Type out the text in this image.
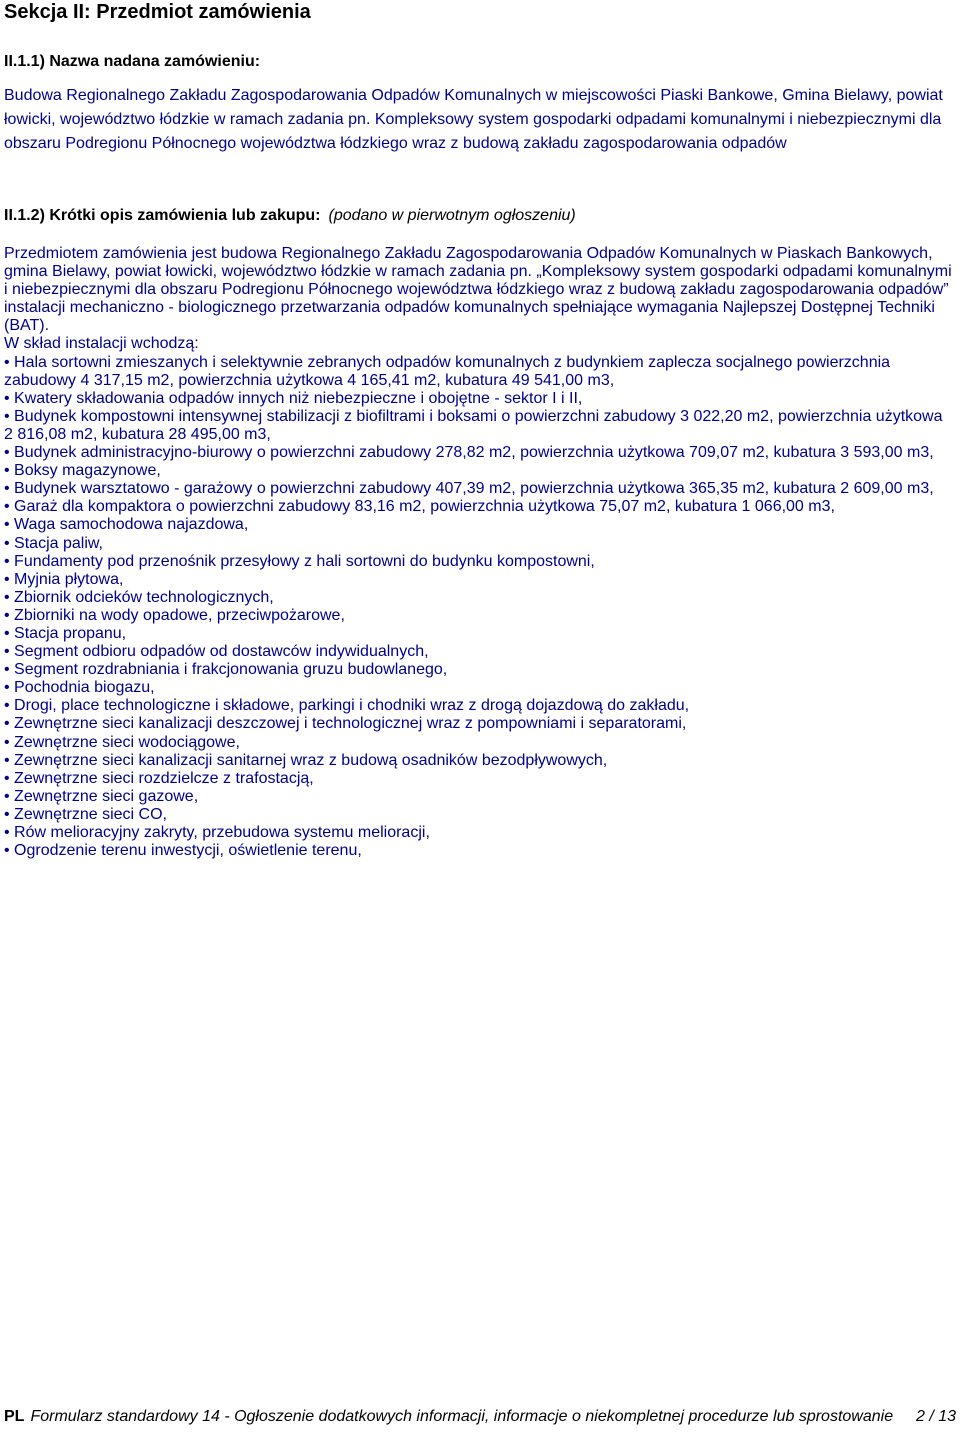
Sekcja II: Przedmiot zamówienia
II.1.1) Nazwa nadana zamówieniu:

Budowa Regionalnego Zakładu Zagospodarowania Odpadów Komunalnych w miejscowości Piaski Bankowe, Gmina Bielawy, powiat łowicki, województwo łódzkie w ramach zadania pn. Kompleksowy system gospodarki odpadami komunalnymi i niebezpiecznymi dla obszaru Podregionu Północnego województwa łódzkiego wraz z budową zakładu zagospodarowania odpadów

II.1.2) Krótki opis zamówienia lub zakupu: (podano w pierwotnym ogłoszeniu)
Przedmiotem zamówienia jest budowa Regionalnego Zakładu Zagospodarowania Odpadów Komunalnych w Piaskach Bankowych, gmina Bielawy, powiat łowicki, województwo łódzkie w ramach zadania pn. „Kompleksowy system gospodarki odpadami komunalnymi i niebezpiecznymi dla obszaru Podregionu Północnego województwa łódzkiego wraz z budową zakładu zagospodarowania odpadów” instalacji mechaniczno - biologicznego przetwarzania odpadów komunalnych spełniające wymagania Najlepszej Dostępnej Techniki (BAT).
W skład instalacji wchodzą:
• Hala sortowni zmieszanych i selektywnie zebranych odpadów komunalnych z budynkiem zaplecza socjalnego powierzchnia zabudowy 4 317,15 m2, powierzchnia użytkowa 4 165,41 m2, kubatura 49 541,00 m3,
• Kwatery składowania odpadów innych niż niebezpieczne i obojętne - sektor I i II,
• Budynek kompostowni intensywnej stabilizacji z biofiltrami i boksami o powierzchni zabudowy 3 022,20 m2, powierzchnia użytkowa 2 816,08 m2, kubatura 28 495,00 m3,
• Budynek administracyjno-biurowy o powierzchni zabudowy 278,82 m2, powierzchnia użytkowa 709,07 m2, kubatura 3 593,00 m3,
• Boksy magazynowe,
• Budynek warsztatowo - garażowy o powierzchni zabudowy 407,39 m2, powierzchnia użytkowa 365,35 m2, kubatura 2 609,00 m3,
• Garaż dla kompaktora o powierzchni zabudowy 83,16 m2, powierzchnia użytkowa 75,07 m2, kubatura 1 066,00 m3,
• Waga samochodowa najazdowa,
• Stacja paliw,
• Fundamenty pod przenośnik przesyłowy z hali sortowni do budynku kompostowni,
• Myjnia płytowa,
• Zbiornik odcieków technologicznych,
• Zbiorniki na wody opadowe, przeciwpożarowe,
• Stacja propanu,
• Segment odbioru odpadów od dostawców indywidualnych,
• Segment rozdrabniania i frakcjonowania gruzu budowlanego,
• Pochodnia biogazu,
• Drogi, place technologiczne i składowe, parkingi i chodniki wraz z drogą dojazdową do zakładu,
• Zewnętrzne sieci kanalizacji deszczowej i technologicznej wraz z pompowniami i separatorami,
• Zewnętrzne sieci wodociągowe,
• Zewnętrzne sieci kanalizacji sanitarnej wraz z budową osadników bezodpływowych,
• Zewnętrzne sieci rozdzielcze z trafostacją,
• Zewnętrzne sieci gazowe,
• Zewnętrzne sieci CO,
• Rów melioracyjny zakryty, przebudowa systemu melioracji,
• Ogrodzenie terenu inwestycji, oświetlenie terenu,
PL Formularz standardowy 14 - Ogłoszenie dodatkowych informacji, informacje o niekompletnej procedurze lub sprostowanie 2 / 13
